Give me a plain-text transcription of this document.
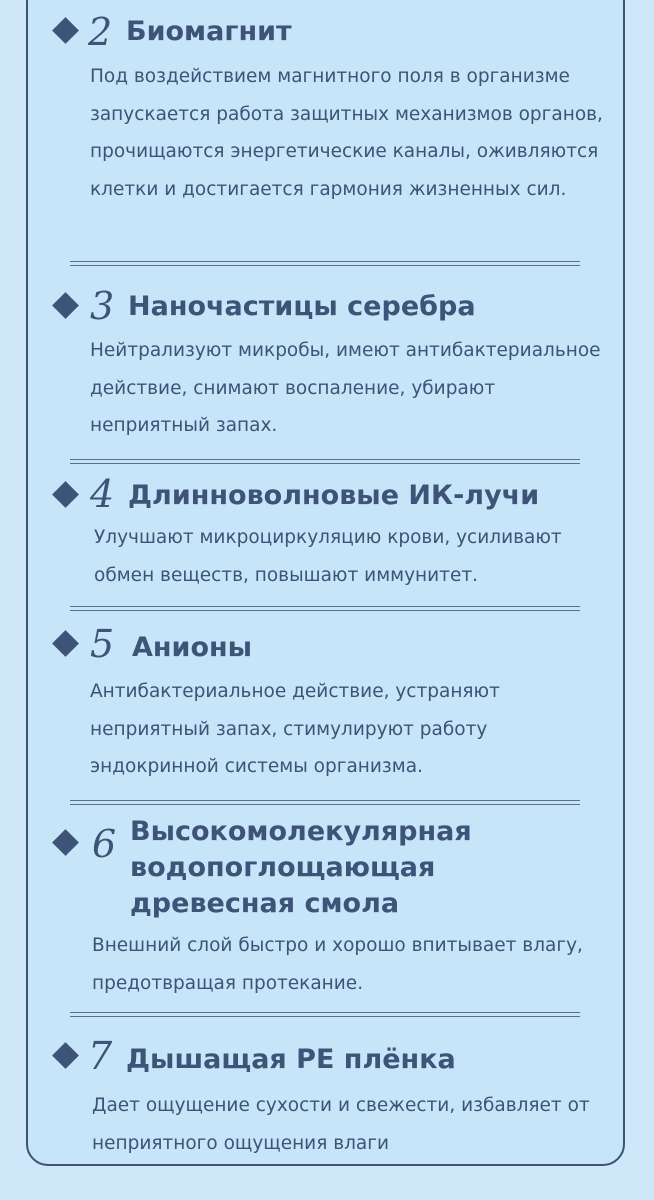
2 Биомагнит
Под воздействием магнитного поля в организме запускается работа защитных механизмов органов, прочищаются энергетические каналы, оживляются клетки и достигается гармония жизненных сил.
3 Наночастицы серебра
Нейтрализуют микробы, имеют антибактериальное действие, снимают воспаление, убирают неприятный запах.
4 Длинноволновые ИК-лучи
Улучшают микроциркуляцию крови, усиливают обмен веществ, повышают иммунитет.
5 Анионы
Антибактериальное действие, устраняют неприятный запах, стимулируют работу эндокринной системы организма.
6 Высокомолекулярная водопоглощающая древесная смола
Внешний слой быстро и хорошо впитывает влагу, предотвращая протекание.
7 Дышащая PE плёнка
Дает ощущение сухости и свежести, избавляет от неприятного ощущения влаги
